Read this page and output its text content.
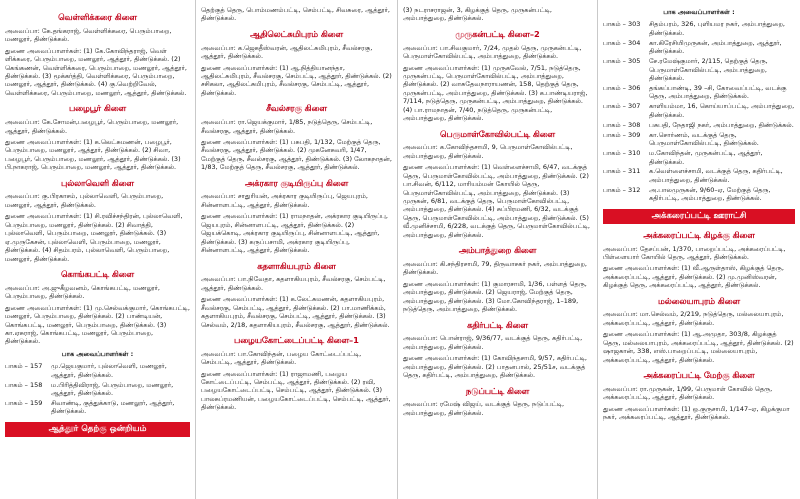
வெள்ளிக்கரை கிளை
அவைப்பா: கே.தங்கராஜ், வெள்ளிக்கரை, பெரும்பாறை, மணலூர், திண்டுக்கல்.
துணை அவைப்பாளர்கள்: (1) கே.கோவிந்தராஜ், வெள் ளிக்கரை, பெரும்பாறை, மணலூர், ஆத்தூர், திண்டுக்கல். (2) கெங்கணன், வெள்ளிக்கரை, பெரும்பாறை, மணலூர், ஆத்தூர், திண்டுக்கல். (3) மூக்கர்த்தி, வெள்ளிக்கரை, பெரும்பாறை, மணலூர், ஆத்தூர், திண்டுக்கல். (4) கு.வெற்றிவேல், வெள்ளிக்கரை, பெரும்பாறை, மணலூர், ஆத்தூர், திண்டுக்கல்.
பழைபூர் கிளை
அவைப்பா: கே.சோமன்,பழைபூர், பெரும்பாறை, மணலூர், ஆத்தூர், திண்டுக்கல்.
துணை அவைப்பாளர்கள்: (1) க.லெட்சுமணன், பழைபூர், பெரும்பாறை, மணலூர், ஆத்தூர், திண்டுக்கல். (2) சிவா, பழைபூர், பெரும்பாறை, மணலூர், ஆத்தூர், திண்டுக்கல். (3) பி.நாகராஜ், பெரும்பாறை, மணலூர், ஆத்தூர், திண்டுக்கல்.
புல்லாவெளி கிளை
அவைப்பா: கு.பிரகாசம், புல்லாவெளி, பெரும்பாறை, மணலூர், ஆத்தூர், திண்டுக்கல்.
துணை அவைப்பாளர்கள்: (1) சி.ரவிச்சந்திரன், புல்லாவெளி, பெரும்பாறை, மணலூர், திண்டுக்கல். (2) சிவாத்தி, புல்லாவெளி, பெரும்பாறை, மணலூர், திண்டுக்கல். (3) ஏ.முருகேசன், புல்லாவெளி, பெரும்பாறை, மணலூர், திண்டுக்கல். (4) சிதம்பரம், புல்லாவெளி, பெரும்பாறை, மணலூர், திண்டுக்கல்.
கொங்கபட்டி கிளை
அவைப்பா: அ.ஜுகீழவனம், கொங்கபட்டி, மணலூர், பெரும்பாறை, திண்டுக்கல்.
துணை அவைப்பாளர்கள்: (1) மு.செல்வக்குமார், கொங்கபட்டி, மணலூர், பெரும்பாறை, திண்டுக்கல். (2) பாண்டியன், கொங்கபட்டி, மணலூர், பெரும்பாறை, திண்டுக்கல். (3) கா.ஏசுராஜ், கொங்கபட்டி, மணலூர், பெரும்பாறை, திண்டுக்கல்.
பாக அவைப்பாளர்கள் :
பாகம் – 157	மு.ஜெயகுமார், புல்லாவெளி, மணலூர், ஆத்தூர், திண்டுக்கல்.
பாகம் – 158	ம.பிரித்திவிராஜ், பெரும்பாறை, மணலூர், ஆத்தூர், திண்டுக்கல்.
பாகம் – 159	சிவாண்டி, குத்துக்காடு, மணலூர், ஆத்தூர், திண்டுக்கல்.
ஆத்தூர் தெற்கு ஒன்றியம்
தெற்குத் தெரு, பொம்மணம்பட்டி, செம்பட்டி, சிவசுரை, ஆத்தூர், திண்டுக்கல்.
ஆதிலெட்சுமிபுரம் கிளை
அவைப்பா: க.ஜெகதீஸ்வரன், ஆதிலட்சுமிபுரம், சீவல்சரகு, ஆத்தூர், திண்டுக்கல்.
துணை அவைப்பாளர்கள்: (1) ஆ.நித்தியானந்தா, ஆதிலட்சுமிபுரம், சீவல்சரகு, செம்பட்டி, ஆத்தூர், திண்டுக்கல். (2) சசிகலா, ஆதிலட்சுமிபுரம், சீவல்சரகு, செம்பட்டி, ஆத்தூர், திண்டுக்கல்.
சீவல்சரகு கிளை
அவைப்பா: ரா.ஜெயக்குமார், 1/85, நடுத்தெரு, செம்பட்டி, சீவல்சரகு, ஆத்தூர், திண்டுக்கல்.
துணை அவைப்பாளர்கள்: (1) பசுபதி, 1/132, மேற்குத் தெரு, சீவல்சரகு, ஆத்தூர், திண்டுக்கல். (2) முகனேசுவரி, 1/47, மேற்குத் தெரு, சீவல்சரகு, ஆத்தூர், திண்டுக்கல். (3) லோகநாதன், 1/83, மேற்குத் தெரு, சீவல்சரகு, ஆத்தூர், திண்டுக்கல்.
அக்ரகார குடியிருப்பு கிளை
அவைப்பா: சாதுரியன், அக்ரகார குடியிருப்பு, ஜெயபுரம், சின்னாளபட்டி, ஆத்தூர், திண்டுக்கல்.
துணை அவைப்பாளர்கள்: (1) ராமநாதன், அக்ரகார குடியிருப்பு, ஜெயபுரம், சின்னாளபட்டி, ஆத்தூர், திண்டுக்கல். (2) ஜெயக்கொடி, அக்ரகார குடியிருப்பு, சின்னாளபட்டி, ஆத்தூர், திண்டுக்கல். (3) கருப்பசாமி, அக்ரகார குடியிருப்பு, சின்னாளபட்டி, ஆத்தூர், திண்டுக்கல்.
கதளாகியபுரம் கிளை
அவைப்பா: பா.நிவேதா, கதளாகியபுரம், சீவல்சரகு, செம்பட்டி, ஆத்தூர், திண்டுக்கல்.
துணை அவைப்பாளர்கள்: (1) க.லேட்சுமணன், கதளாகியபுரம், சீவல்சரகு, செம்பட்டி, ஆத்தூர், திண்டுக்கல். (2) பா.மாணிக்கம், கதளாகியபுரம், சீவல்சரகு, செம்பட்டி, ஆத்தூர், திண்டுக்கல். (3) செல்வம், 2/18, கதளாகியபுரம், சீவல்சரகு, ஆத்தூர், திண்டுக்கல்.
பழையகோட்டைப்பட்டி கிளை–1
அவைப்பா: பா.கோவிந்தன், பழைய கோட்டைப்பட்டி, செம்பட்டி, ஆத்தூர், திண்டுக்கல்.
துணை அவைப்பாளர்கள்: (1) ராஜாமணி, பழைய கோட்டைப்பட்டி, செம்பட்டி, ஆத்தூர், திண்டுக்கல். (2) ரவி, பழையகோட்டைப்பட்டி, செம்பட்டி, ஆத்தூர், திண்டுக்கல். (3) பாலசுப்ரமணியன், பழையகோட்டைப்பட்டி, செம்பட்டி, ஆத்தூர், திண்டுக்கல்.
(3) நடராசராஜன், 3, கிழக்குத் தெரு, முருகன்பட்டி, அம்பாத்துறை, திண்டுக்கல்.
முருகன்பட்டி கிளை–2
அவைப்பா: பா.சிவகுமார், 7/24, முதல் தெரு, முருகன்பட்டி, பெருமாள்கோவில்பட்டி, அம்பாத்துறை, திண்டுக்கல்.
துணை அவைப்பாளர்கள்: (1) முருகவேல், 7/51, நடுத்தெரு, முருகன்பட்டி, பெருமாள்கோவில்பட்டி, அம்பாத்துறை, திண்டுக்கல். (2) வாசுதேவநாராயணன், 158, தெற்குத் தெரு, முருகன்பட்டி, அம்பாத்துறை, திண்டுக்கல். (3) க.பாண்டியராஜ், 7/114, நடுத்தெரு, முருகன்பட்டி, அம்பாத்துறை, திண்டுக்கல். (4) பா.ராமநாதன், 7/40, நடுத்தெரு, முருகன்பட்டி, அம்பாத்துறை, திண்டுக்கல்.
பெருமாள்கோவில்பட்டி கிளை
அவைப்பா: க.கோவிந்தசாமி, 9, பெருமாள்கோவில்பட்டி, அம்பாத்துறை, திண்டுக்கல்.
துணை அவைப்பாளர்கள்: (1) வெள்ளைச்சாமி, 6/47, வடக்குத் தெரு, பெருமாள்கோவில்பட்டி, அம்பாத்துறை, திண்டுக்கல். (2) பா.சிவன், 6/112, மாரியம்மன் கோயில் தெரு, பெருமாள்கோவில்பட்டி, அம்பாத்துறை, திண்டுக்கல். (3) முருகன், 6/81, வடக்குத் தெரு, பெருமாள்கோவில்பட்டி, அம்பாத்துறை, திண்டுக்கல். (4) சுப்பிரமணி, 6/32, வடக்குத் தெரு, பெருமாள்கோவில்பட்டி, அம்பாத்துறை, திண்டுக்கல். (5) வீ.முனிச்சாமி, 6/228, வடக்குத் தெரு, பெருமாள்கோவில்பட்டி, அம்பாத்துறை, திண்டுக்கல்.
அம்பாத்துறை கிளை
அவைப்பா: கி.சந்திரசாமி, 79, திருவாசகர் நகர், அம்பாத்துறை, திண்டுக்கல்.
துணை அவைப்பாளர்கள்: (1) குமாரசாமி, 1/36, பள்ளத் தெரு, அம்பாத்துறை, திண்டுக்கல். (2) ஜெயராஜ், மேற்குத் தெரு, அம்பாத்துறை, திண்டுக்கல். (3) மோ.கோவிந்தராஜ், 1–189, நடுத்தெரு, அம்பாத்துறை, திண்டுக்கல்.
கதிர்பட்டி கிளை
அவைப்பா: பொன்ராஜ், 9/36/77, வடக்குத் தெரு, கதிர்பட்டி, அம்பாத்துறை, திண்டுக்கல்.
துணை அவைப்பாளர்கள்: (1) கோவிந்தசாமி, 9/57, கதிர்பட்டி, அம்பாத்துறை, திண்டுக்கல். (2) பாதனபால், 25/51ச, வடக்குத் தெரு, கதிர்பட்டி, அம்பாத்துறை, திண்டுக்கல்.
நடுப்பட்டி கிளை
அவைப்பா: ரமேஷ் விஜய், வடக்குத் தெரு, நடுப்பட்டி, அம்பாத்துறை, திண்டுக்கல்.
பாக அவைப்பாளர்கள் :
பாகம் – 303	சிதம்பரம், 326, புளியமர நகர், அம்பாத்துறை, திண்டுக்கல்.
பாகம் – 304	கா.கிரேசியிமுருகன், அம்பாத்துறை, ஆத்தூர், திண்டுக்கல்.
பாகம் – 305	சே.ரமேஷ்குமார், 2/115, தெற்குத் தெரு, பெருமாள்கோவில்பட்டி, அம்பாத்துறை, திண்டுக்கல்.
பாகம் – 306	தங்கப்பாண்டி, 39 –சி, கோவைப்பட்டி, வடக்கு தெரு, அம்பாத்துறை, திண்டுக்கல்.
பாகம் – 307	காளியம்மா, 16, கொய்யாப்பட்டி, அம்பாத்துறை, திண்டுக்கல்.
பாகம் – 308	பசுபதி, நேதாஜி நகர், அம்பாத்துறை, திண்டுக்கல்.
பாகம் – 309	கா.சொர்ணம், வடக்குத் தெரு, பெருமாள்கோவில்பட்டி, திண்டுக்கல்.
பாகம் – 310	ம.கோவிந்தன், முருகன்பட்டி, ஆத்தூர், திண்டுக்கல்.
பாகம் – 311	க.வெள்ளைச்சாமி, வடக்குத் தெரு, கதிர்பட்டி, அம்பாத்துறை, திண்டுக்கல்.
பாகம் – 312	அ.பாலமுருகன், 9/60–ஏ, மேற்குத் தெரு, கதிர்பட்டி, அம்பாத்துறை, திண்டுக்கல்.
அக்கரைப்பட்டி ஊராட்சி
அக்கரைப்பட்டி கிழக்கு கிளை
அவைப்பா: தேசப்பன், 1/370, பாறைப்பட்டி, அக்கரைப்பட்டி, பிள்ளையார் கோயில் தெரு, ஆத்தூர், திண்டுக்கல்.
துணை அவைப்பாளர்கள்: (1) வீ.ஆருள்தாஸ், கிழக்குத் தெரு, அக்கரைப்பட்டி, ஆத்தூர், திண்டுக்கல். (2) மு.முனிஸ்வரன், கிழக்குத் தெரு, அக்கரைப்பட்டி, ஆத்தூர், திண்டுக்கல்.
மல்லையாபுரம் கிளை
அவைப்பா: மா.செல்வம், 2/219, நடுத்தெரு, மல்லையாபுரம், அக்கரைப்பட்டி, ஆத்தூர், திண்டுக்கல்.
துணை அவைப்பாளர்கள்: (1) ஆ.அமுதா, 303/8, கிழக்குத் தெரு, மல்லையாபுரம், அக்கரைப்பட்டி, ஆத்தூர், திண்டுக்கல். (2) ஷாஜகான், 338, எஸ்.பாறைப்பட்டி, மல்லையாபுரம், அக்கரைப்பட்டி, ஆத்தூர், திண்டுக்கல்.
அக்கரைப்பட்டி மேற்கு கிளை
அவைப்பா: ரா.முருகன், 1/99, பெருமாள் கோவில் தெரு, அக்கரைப்பட்டி, ஆத்தூர், திண்டுக்கல்.
துணை அவைப்பாளர்கள்: (1) ஒ.குருசாமி, 1/147–ஏ, கிழக்குமா நகர், அக்கரைப்பட்டி, ஆத்தூர், திண்டுக்கல்.
